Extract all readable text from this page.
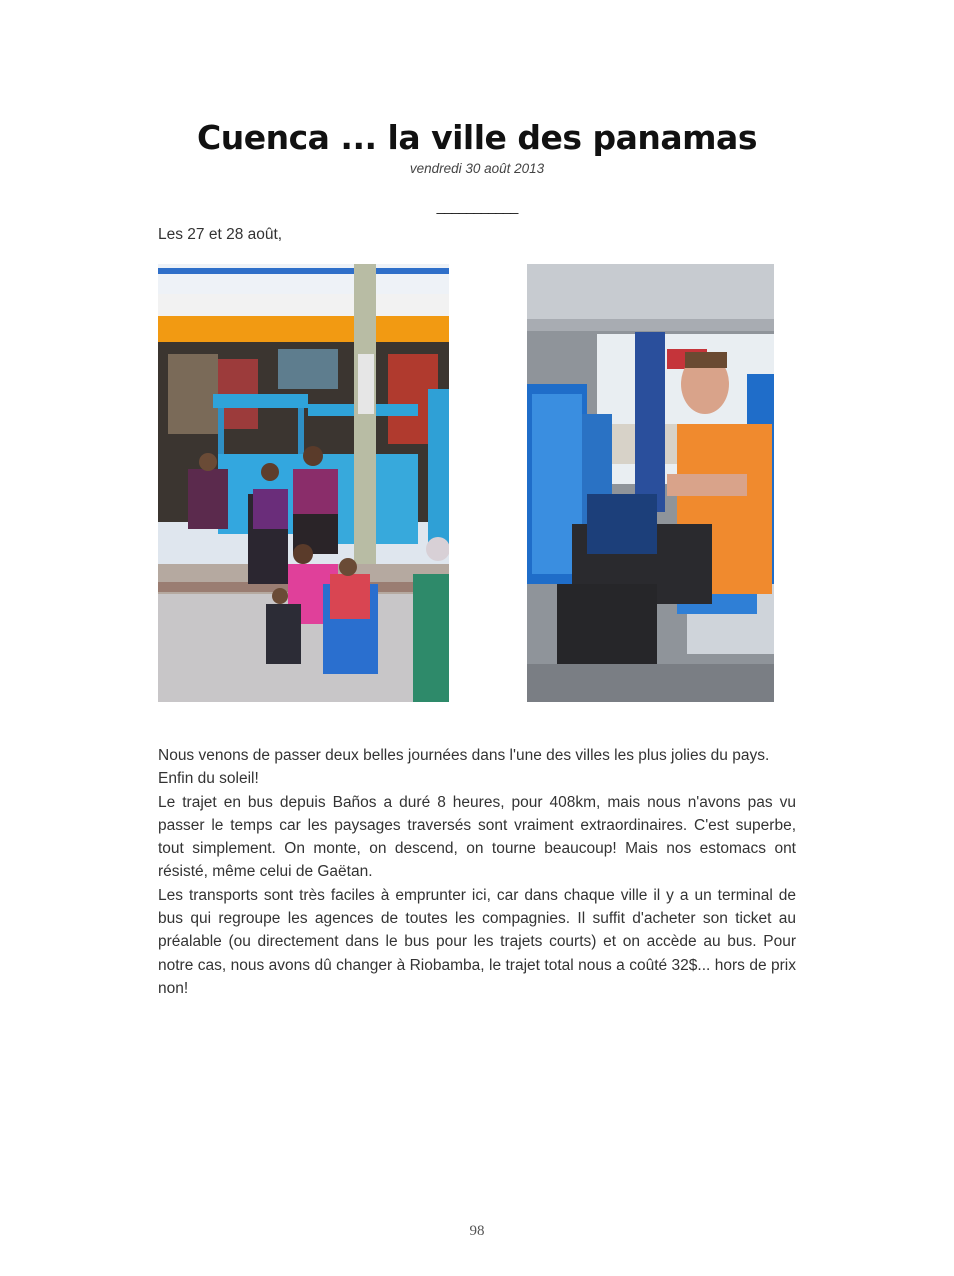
Cuenca ... la ville des panamas
vendredi 30 août 2013
___________
Les 27 et 28 août,

Nous venons de passer deux belles journées dans l'une des villes les plus jolies du pays.

Enfin du soleil!

Le trajet en bus depuis Baños a duré 8 heures, pour 408km, mais nous n'avons pas vu passer le temps car les paysages traversés sont vraiment extraordinaires. C'est superbe, tout simplement. On monte, on descend, on tourne beaucoup! Mais nos estomacs ont résisté, même celui de Gaëtan.

Les transports sont très faciles à emprunter ici, car dans chaque ville il y a un terminal de bus qui regroupe les agences de toutes les compagnies. Il suffit d'acheter son ticket au préalable (ou directement dans le bus pour les trajets courts) et on accède au bus. Pour notre cas, nous avons dû changer à Riobamba, le trajet total nous a coûté 32$... hors de prix non!

98
